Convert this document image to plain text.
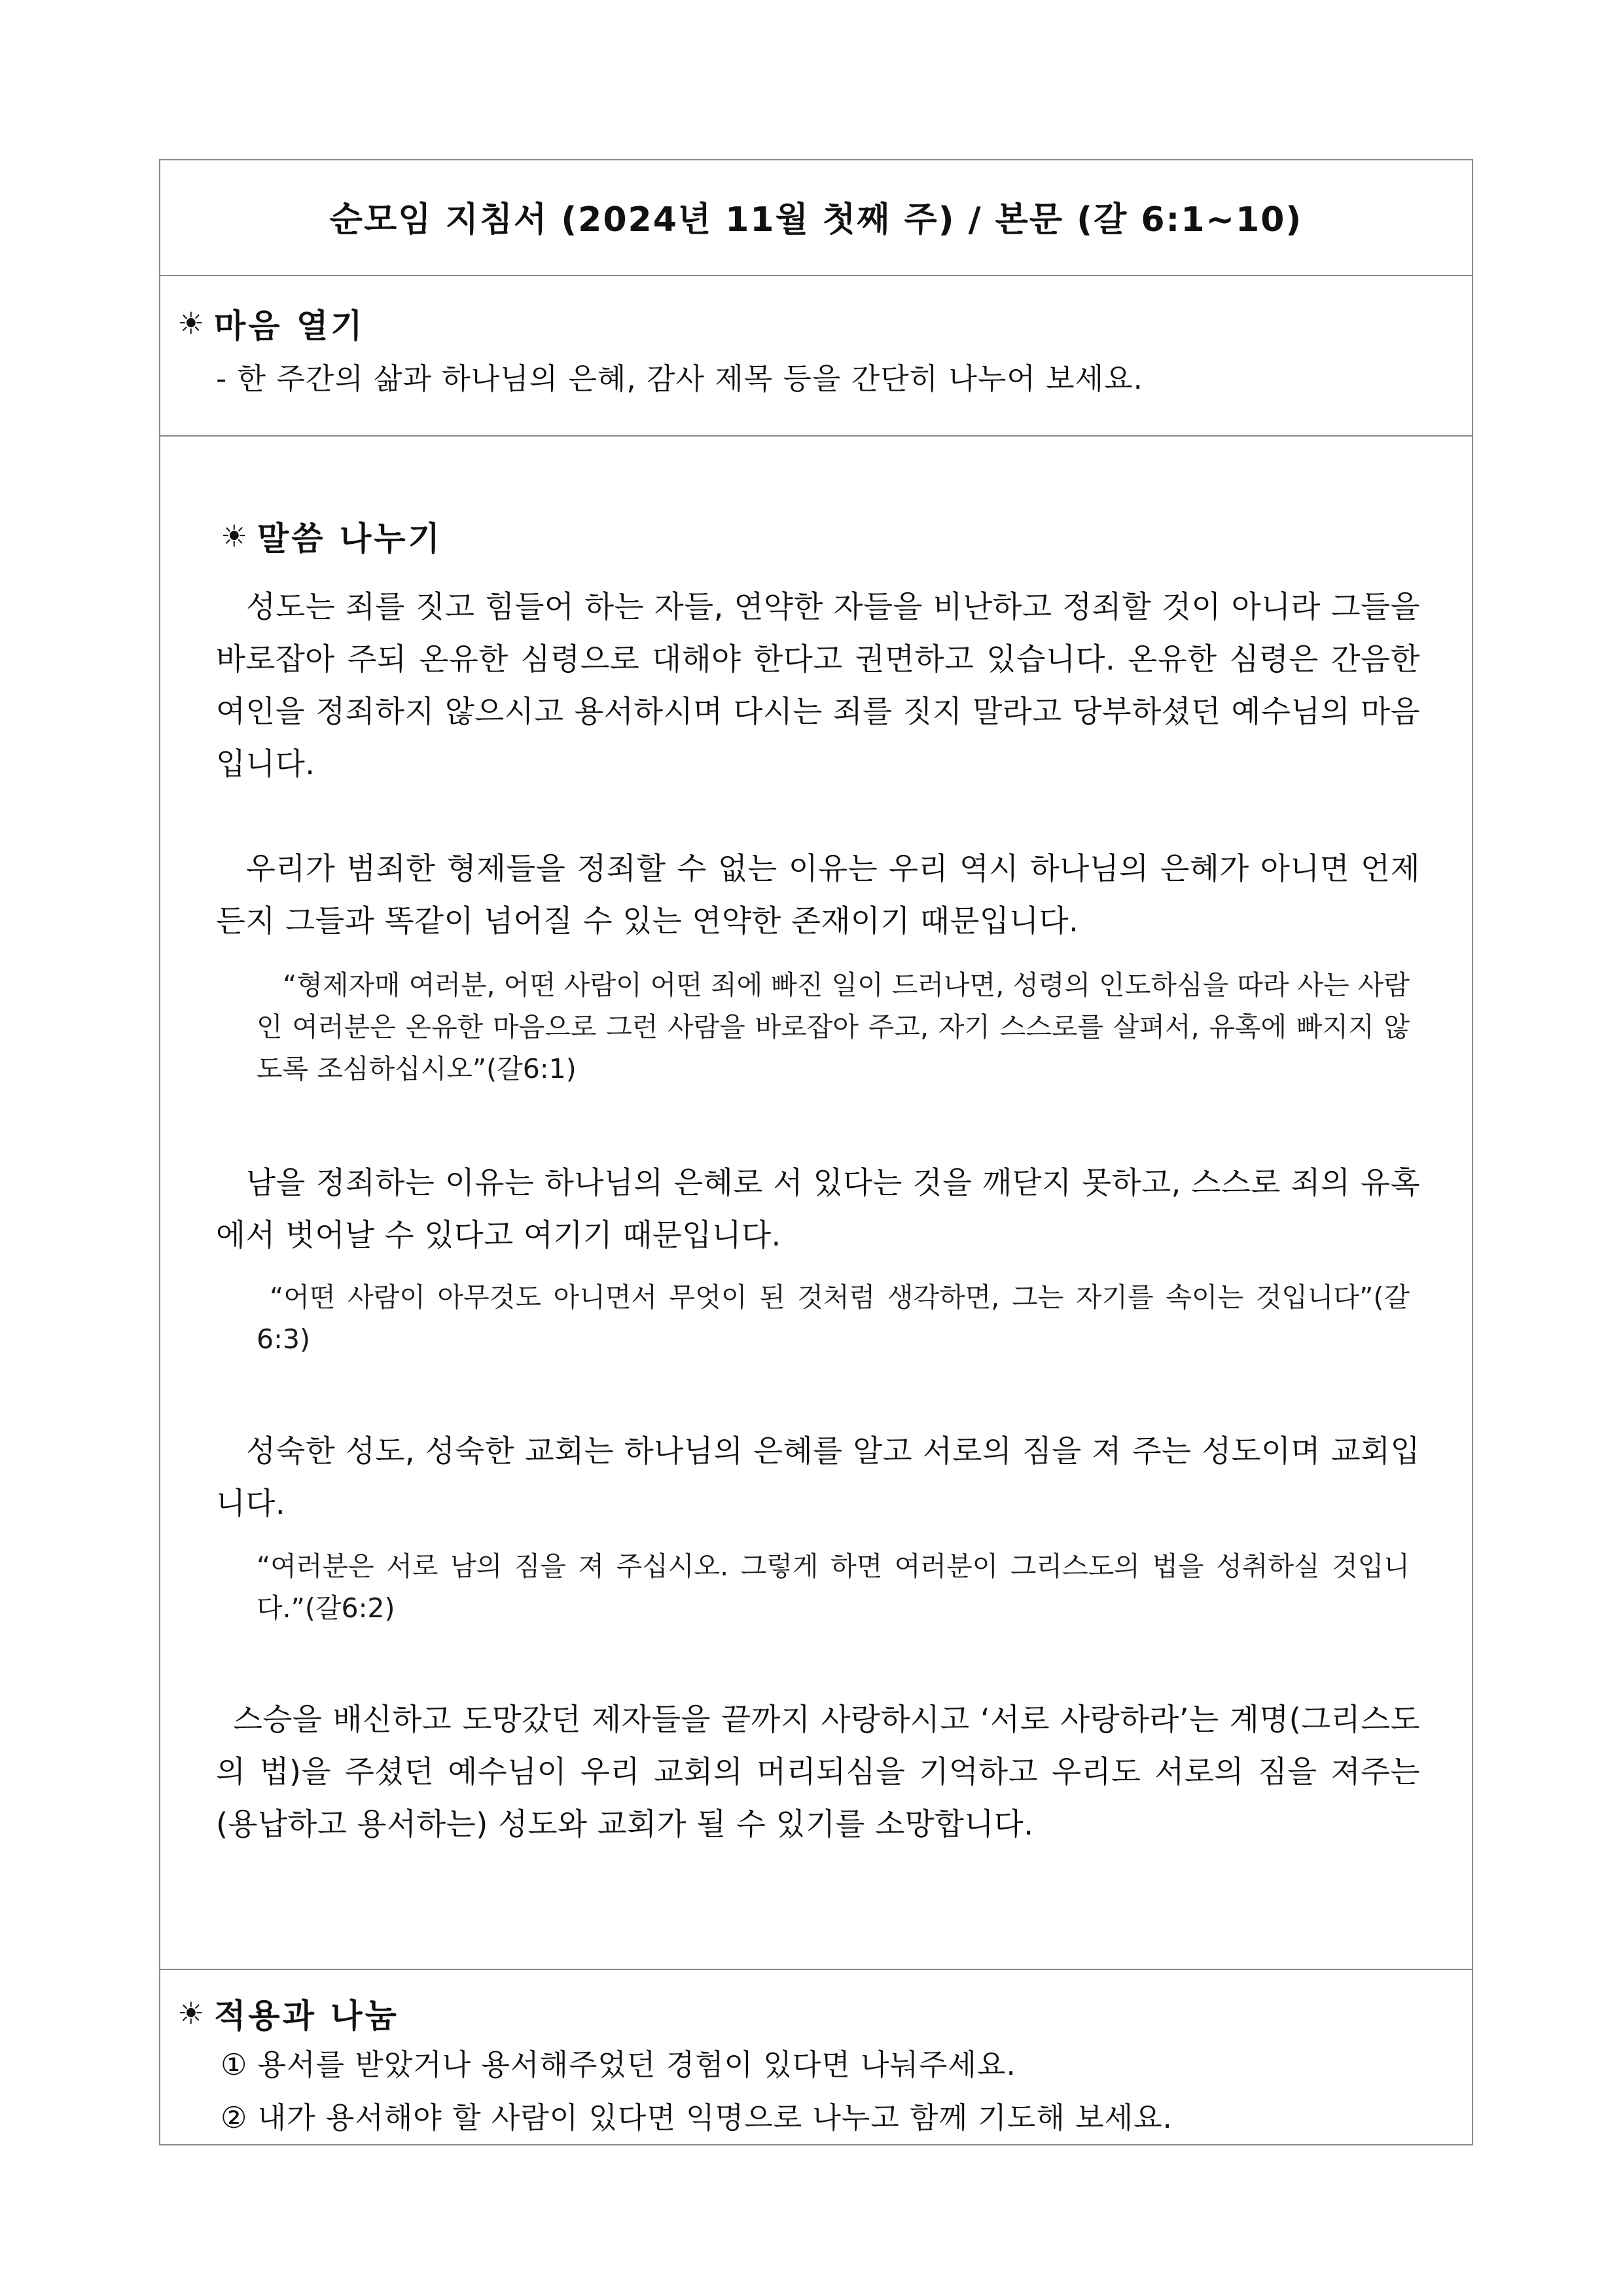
순모임 지침서 (2024년 11월 첫째 주) / 본문 (갈 6:1~10)
☀ 마음 열기
- 한 주간의 삶과 하나님의 은혜, 감사 제목 등을 간단히 나누어 보세요.
☀ 말씀 나누기
성도는 죄를 짓고 힘들어 하는 자들, 연약한 자들을 비난하고 정죄할 것이 아니라 그들을 바로잡아 주되 온유한 심령으로 대해야 한다고 권면하고 있습니다. 온유한 심령은 간음한 여인을 정죄하지 않으시고 용서하시며 다시는 죄를 짓지 말라고 당부하셨던 예수님의 마음입니다.
우리가 범죄한 형제들을 정죄할 수 없는 이유는 우리 역시 하나님의 은혜가 아니면 언제든지 그들과 똑같이 넘어질 수 있는 연약한 존재이기 때문입니다.
“형제자매 여러분, 어떤 사람이 어떤 죄에 빠진 일이 드러나면, 성령의 인도하심을 따라 사는 사람인 여러분은 온유한 마음으로 그런 사람을 바로잡아 주고, 자기 스스로를 살펴서, 유혹에 빠지지 않도록 조심하십시오”(갈6:1)
남을 정죄하는 이유는 하나님의 은혜로 서 있다는 것을 깨닫지 못하고, 스스로 죄의 유혹에서 벗어날 수 있다고 여기기 때문입니다.
“어떤 사람이 아무것도 아니면서 무엇이 된 것처럼 생각하면, 그는 자기를 속이는 것입니다”(갈6:3)
성숙한 성도, 성숙한 교회는 하나님의 은혜를 알고 서로의 짐을 져 주는 성도이며 교회입니다.
“여러분은 서로 남의 짐을 져 주십시오. 그렇게 하면 여러분이 그리스도의 법을 성취하실 것입니다.”(갈6:2)
스승을 배신하고 도망갔던 제자들을 끝까지 사랑하시고 ‘서로 사랑하라’는 계명(그리스도의 법)을 주셨던 예수님이 우리 교회의 머리되심을 기억하고 우리도 서로의 짐을 져주는(용납하고 용서하는) 성도와 교회가 될 수 있기를 소망합니다.
☀ 적용과 나눔
① 용서를 받았거나 용서해주었던 경험이 있다면 나눠주세요.
② 내가 용서해야 할 사람이 있다면 익명으로 나누고 함께 기도해 보세요.
